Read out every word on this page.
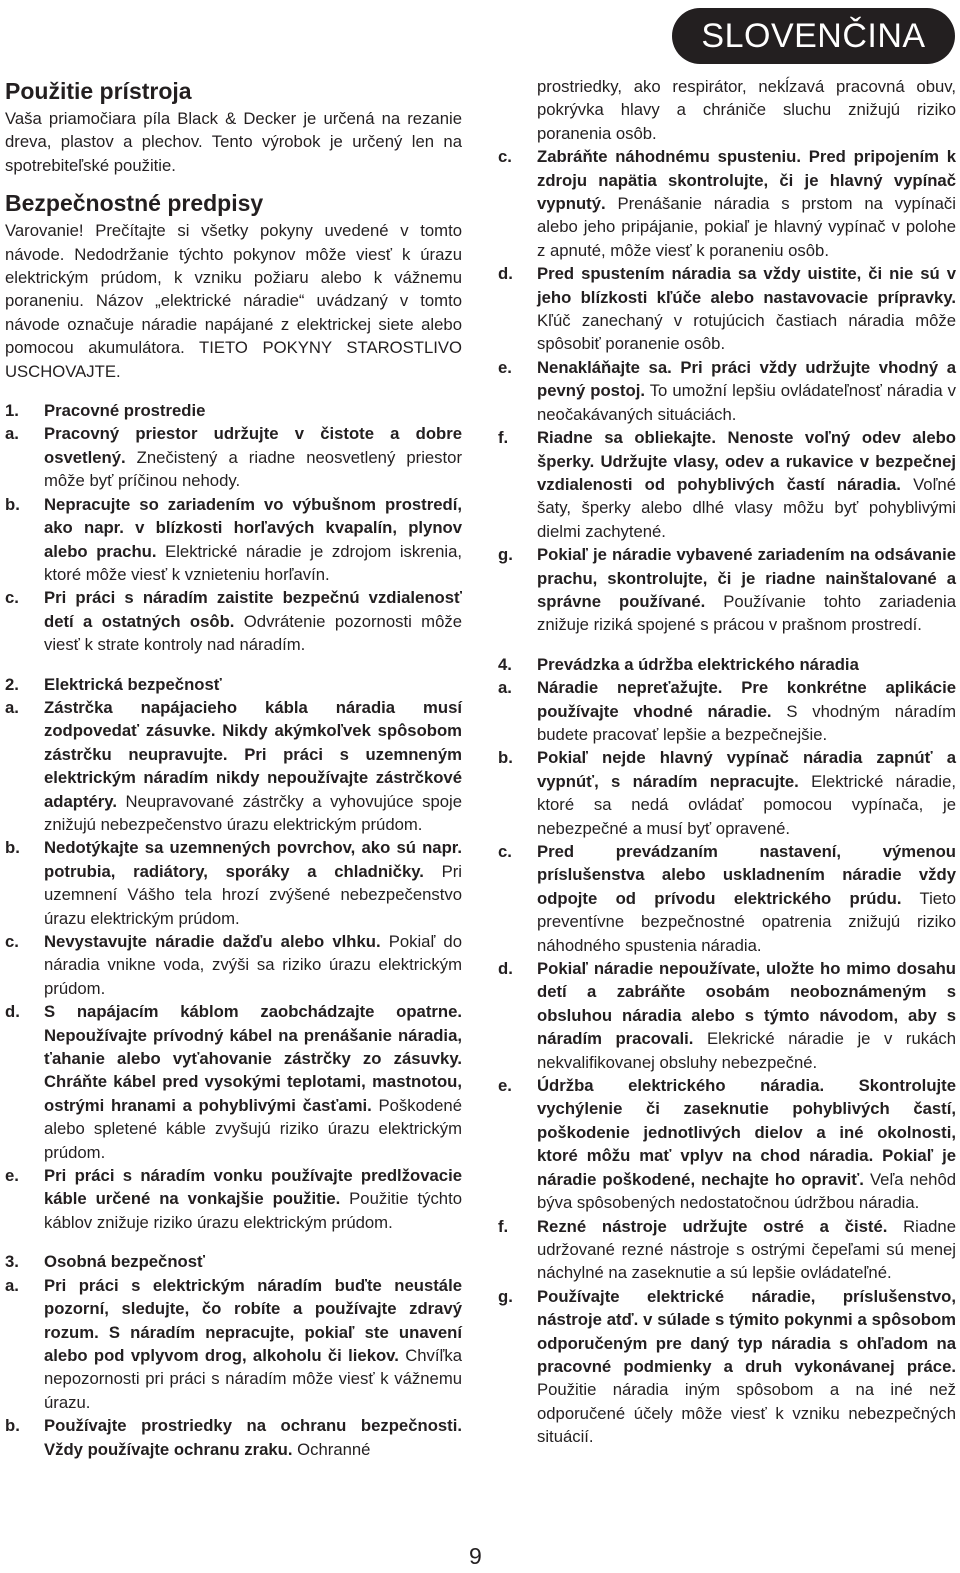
SLOVENČINA
Použitie prístroja

Vaša priamočiara píla Black & Decker je určená na rezanie dreva, plastov a plechov. Tento výrobok je určený len na spotrebiteľské použitie.

Bezpečnostné predpisy

Varovanie! Prečítajte si všetky pokyny uvedené v tomto návode. Nedodržanie týchto pokynov môže viesť k úrazu elektrickým prúdom, k vzniku požiaru alebo k vážnemu poraneniu. Názov „elektrické náradie“ uvádzaný v tomto návode označuje náradie napájané z elektrickej siete alebo pomocou akumulátora. TIETO POKYNY STAROSTLIVO USCHOVAJTE.

1.	Pracovné prostredie
a.	Pracovný priestor udržujte v čistote a dobre osvetlený. Znečistený a riadne neosvetlený priestor môže byť príčinou nehody.
b.	Nepracujte so zariadením vo výbušnom prostredí, ako napr. v blízkosti horľavých kvapalín, plynov alebo prachu. Elektrické náradie je zdrojom iskrenia, ktoré môže viesť k vznieteniu horľavín.
c.	Pri práci s náradím zaistite bezpečnú vzdialenosť detí a ostatných osôb. Odvrátenie pozornosti môže viesť k strate kontroly nad náradím.
2.	Elektrická bezpečnosť
a.	Zástrčka napájacieho kábla náradia musí zodpovedať zásuvke. Nikdy akýmkoľvek spôsobom zástrčku neupravujte. Pri práci s uzemneným elektrickým náradím nikdy nepoužívajte zástrčkové adaptéry. Neupravované zástrčky a vyhovujúce spoje znižujú nebezpečenstvo úrazu elektrickým prúdom.
b.	Nedotýkajte sa uzemnených povrchov, ako sú napr. potrubia, radiátory, sporáky a chladničky. Pri uzemnení Vášho tela hrozí zvýšené nebezpečenstvo úrazu elektrickým prúdom.
c.	Nevystavujte náradie dažďu alebo vlhku. Pokiaľ do náradia vnikne voda, zvýši sa riziko úrazu elektrickým prúdom.
d.	S napájacím káblom zaobchádzajte opatrne. Nepoužívajte prívodný kábel na prenášanie náradia, ťahanie alebo vyťahovanie zástrčky zo zásuvky. Chráňte kábel pred vysokými teplotami, mastnotou, ostrými hranami a pohyblivými časťami. Poškodené alebo spletené káble zvyšujú riziko úrazu elektrickým prúdom.
e.	Pri práci s náradím vonku používajte predlžovacie káble určené na vonkajšie použitie. Použitie týchto káblov znižuje riziko úrazu elektrickým prúdom.
3.	Osobná bezpečnosť
a.	Pri práci s elektrickým náradím buďte neustále pozorní, sledujte, čo robíte a používajte zdravý rozum. S náradím nepracujte, pokiaľ ste unavení alebo pod vplyvom drog, alkoholu či liekov. Chvíľka nepozornosti pri práci s náradím môže viesť k vážnemu úrazu.
b.	Používajte prostriedky na ochranu bezpečnosti. Vždy používajte ochranu zraku. Ochranné
prostriedky, ako respirátor, nekĺzavá pracovná obuv, pokrývka hlavy a chrániče sluchu znižujú riziko poranenia osôb.
c.	Zabráňte náhodnému spusteniu. Pred pripojením k zdroju napätia skontrolujte, či je hlavný vypínač vypnutý. Prenášanie náradia s prstom na vypínači alebo jeho pripájanie, pokiaľ je hlavný vypínač v polohe z apnuté, môže viesť k poraneniu osôb.
d.	Pred spustením náradia sa vždy uistite, či nie sú v jeho blízkosti kľúče alebo nastavovacie prípravky. Kľúč zanechaný v rotujúcich častiach náradia môže spôsobiť poranenie osôb.
e.	Nenakláňajte sa. Pri práci vždy udržujte vhodný a pevný postoj. To umožní lepšiu ovládateľnosť náradia v neočakávaných situáciách.
f.	Riadne sa obliekajte. Nenoste voľný odev alebo šperky. Udržujte vlasy, odev a rukavice v bezpečnej vzdialenosti od pohyblivých častí náradia. Voľné šaty, šperky alebo dlhé vlasy môžu byť pohyblivými dielmi zachytené.
g.	Pokiaľ je náradie vybavené zariadením na odsávanie prachu, skontrolujte, či je riadne nainštalované a správne používané. Používanie tohto zariadenia znižuje riziká spojené s prácou v prašnom prostredí.
4.	Prevádzka a údržba elektrického náradia
a.	Náradie nepreťažujte. Pre konkrétne aplikácie používajte vhodné náradie. S vhodným náradím budete pracovať lepšie a bezpečnejšie.
b.	Pokiaľ nejde hlavný vypínač náradia zapnúť a vypnúť, s náradím nepracujte. Elektrické náradie, ktoré sa nedá ovládať pomocou vypínača, je nebezpečné a musí byť opravené.
c.	Pred prevádzaním nastavení, výmenou príslušenstva alebo uskladnením náradie vždy odpojte od prívodu elektrického prúdu. Tieto preventívne bezpečnostné opatrenia znižujú riziko náhodného spustenia náradia.
d.	Pokiaľ náradie nepoužívate, uložte ho mimo dosahu detí a zabráňte osobám neoboznámeným s obsluhou náradia alebo s týmto návodom, aby s náradím pracovali. Elekrické náradie je v rukách nekvalifikovanej obsluhy nebezpečné.
e.	Údržba elektrického náradia. Skontrolujte vychýlenie či zaseknutie pohyblivých častí, poškodenie jednotlivých dielov a iné okolnosti, ktoré môžu mať vplyv na chod náradia. Pokiaľ je náradie poškodené, nechajte ho opraviť. Veľa nehôd býva spôsobených nedostatočnou údržbou náradia.
f.	Rezné nástroje udržujte ostré a čisté. Riadne udržované rezné nástroje s ostrými čepeľami sú menej náchylné na zaseknutie a sú lepšie ovládateľné.
g.	Používajte elektrické náradie, príslušenstvo, nástroje atď. v súlade s týmito pokynmi a spôsobom odporučeným pre daný typ náradia s ohľadom na pracovné podmienky a druh vykonávanej práce. Použitie náradia iným spôsobom a na iné než odporučené účely môže viesť k vzniku nebezpečných situácií.
9
